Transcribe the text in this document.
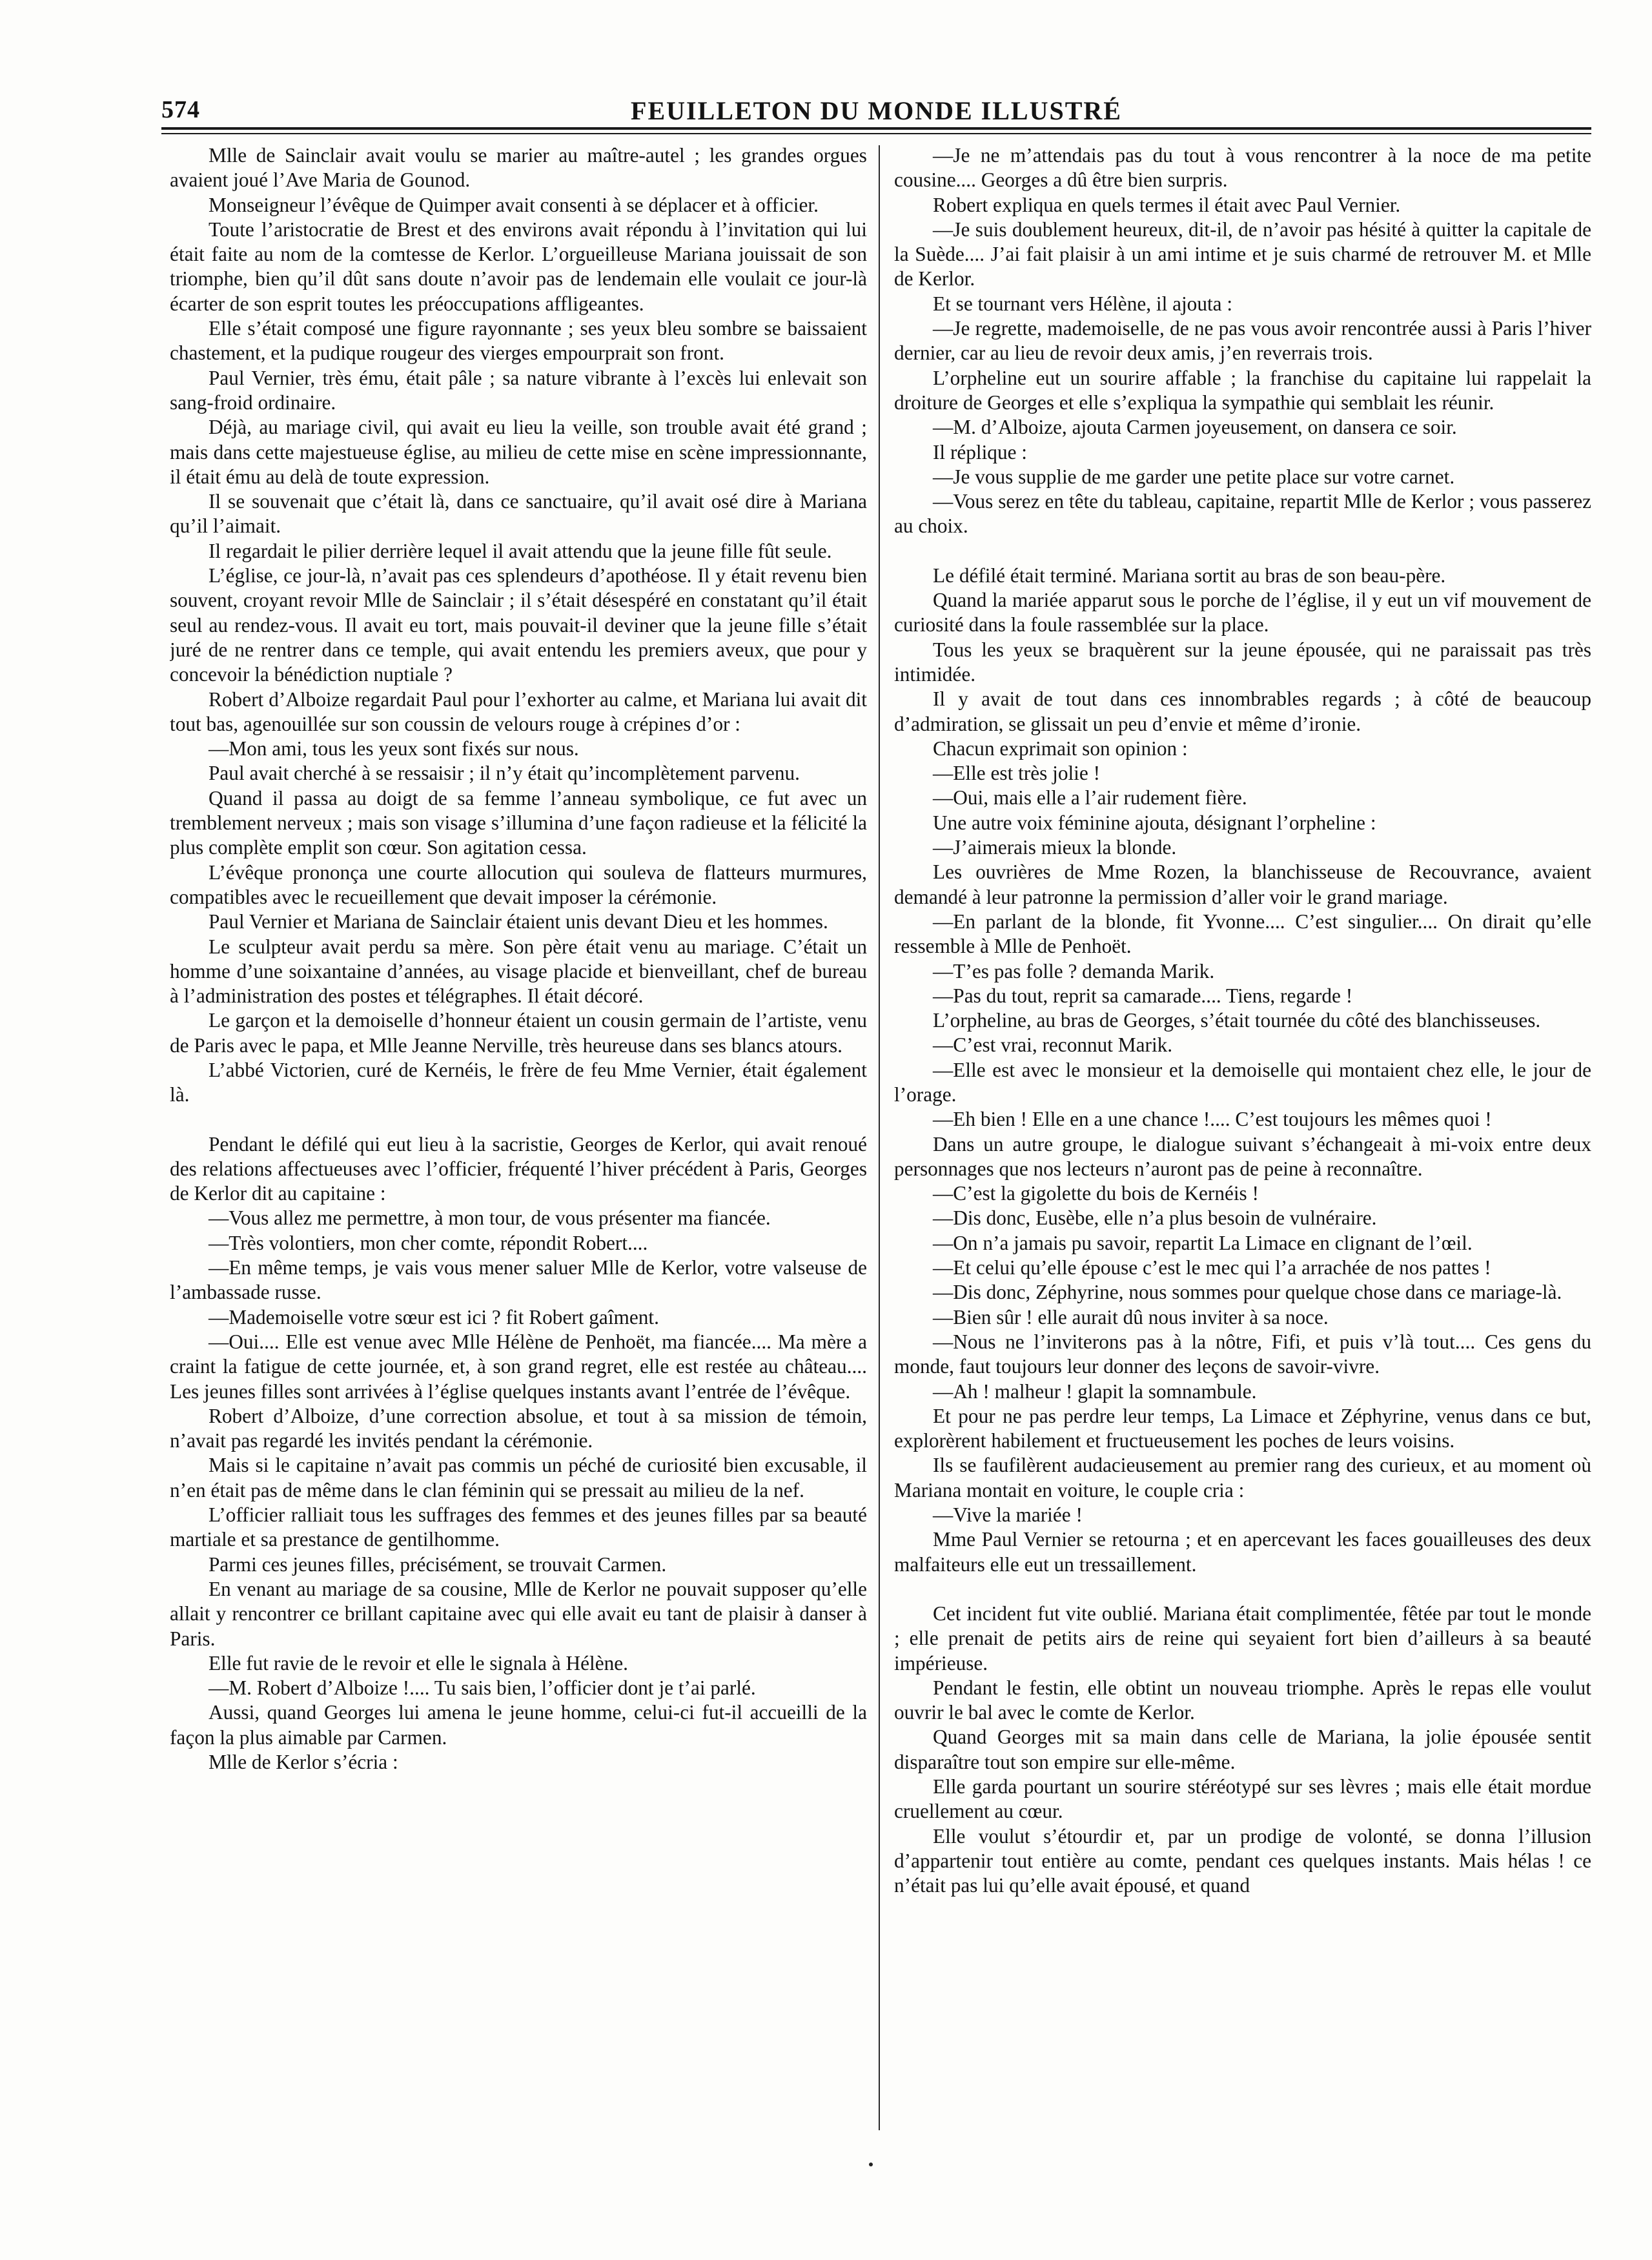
574	FEUILLETON DU MONDE ILLUSTRÉ

Mlle de Sainclair avait voulu se marier au maître-autel ; les grandes orgues avaient joué l’Ave Maria de Gounod.

Monseigneur l’évêque de Quimper avait consenti à se déplacer et à officier.

Toute l’aristocratie de Brest et des environs avait répondu à l’invitation qui lui était faite au nom de la comtesse de Kerlor. L’orgueilleuse Mariana jouissait de son triomphe, bien qu’il dût sans doute n’avoir pas de lendemain elle voulait ce jour-là écarter de son esprit toutes les préoccupations affligeantes.

Elle s’était composé une figure rayonnante ; ses yeux bleu sombre se baissaient chastement, et la pudique rougeur des vierges empourprait son front.

Paul Vernier, très ému, était pâle ; sa nature vibrante à l’excès lui enlevait son sang-froid ordinaire.

Déjà, au mariage civil, qui avait eu lieu la veille, son trouble avait été grand ; mais dans cette majestueuse église, au milieu de cette mise en scène impressionnante, il était ému au delà de toute expression.

Il se souvenait que c’était là, dans ce sanctuaire, qu’il avait osé dire à Mariana qu’il l’aimait.

Il regardait le pilier derrière lequel il avait attendu que la jeune fille fût seule.

L’église, ce jour-là, n’avait pas ces splendeurs d’apothéose. Il y était revenu bien souvent, croyant revoir Mlle de Sainclair ; il s’était désespéré en constatant qu’il était seul au rendez-vous. Il avait eu tort, mais pouvait-il deviner que la jeune fille s’était juré de ne rentrer dans ce temple, qui avait entendu les premiers aveux, que pour y concevoir la bénédiction nuptiale ?

Robert d’Alboize regardait Paul pour l’exhorter au calme, et Mariana lui avait dit tout bas, agenouillée sur son coussin de velours rouge à crépines d’or :

—Mon ami, tous les yeux sont fixés sur nous.

Paul avait cherché à se ressaisir ; il n’y était qu’incomplètement parvenu.

Quand il passa au doigt de sa femme l’anneau symbolique, ce fut avec un tremblement nerveux ; mais son visage s’illumina d’une façon radieuse et la félicité la plus complète emplit son cœur. Son agitation cessa.

L’évêque prononça une courte allocution qui souleva de flatteurs murmures, compatibles avec le recueillement que devait imposer la cérémonie.

Paul Vernier et Mariana de Sainclair étaient unis devant Dieu et les hommes.

Le sculpteur avait perdu sa mère. Son père était venu au mariage. C’était un homme d’une soixantaine d’années, au visage placide et bienveillant, chef de bureau à l’administration des postes et télégraphes. Il était décoré.

Le garçon et la demoiselle d’honneur étaient un cousin germain de l’artiste, venu de Paris avec le papa, et Mlle Jeanne Nerville, très heureuse dans ses blancs atours.

L’abbé Victorien, curé de Kernéis, le frère de feu Mme Vernier, était également là.

Pendant le défilé qui eut lieu à la sacristie, Georges de Kerlor, qui avait renoué des relations affectueuses avec l’officier, fréquenté l’hiver précédent à Paris, Georges de Kerlor dit au capitaine :

—Vous allez me permettre, à mon tour, de vous présenter ma fiancée.

—Très volontiers, mon cher comte, répondit Robert....

—En même temps, je vais vous mener saluer Mlle de Kerlor, votre valseuse de l’ambassade russe.

—Mademoiselle votre sœur est ici ? fit Robert gaîment.

—Oui.... Elle est venue avec Mlle Hélène de Penhoët, ma fiancée.... Ma mère a craint la fatigue de cette journée, et, à son grand regret, elle est restée au château.... Les jeunes filles sont arrivées à l’église quelques instants avant l’entrée de l’évêque.

Robert d’Alboize, d’une correction absolue, et tout à sa mission de témoin, n’avait pas regardé les invités pendant la cérémonie.

Mais si le capitaine n’avait pas commis un péché de curiosité bien excusable, il n’en était pas de même dans le clan féminin qui se pressait au milieu de la nef.

L’officier ralliait tous les suffrages des femmes et des jeunes filles par sa beauté martiale et sa prestance de gentilhomme.

Parmi ces jeunes filles, précisément, se trouvait Carmen.

En venant au mariage de sa cousine, Mlle de Kerlor ne pouvait supposer qu’elle allait y rencontrer ce brillant capitaine avec qui elle avait eu tant de plaisir à danser à Paris.

Elle fut ravie de le revoir et elle le signala à Hélène.

—M. Robert d’Alboize !.... Tu sais bien, l’officier dont je t’ai parlé.

Aussi, quand Georges lui amena le jeune homme, celui-ci fut-il accueilli de la façon la plus aimable par Carmen.

Mlle de Kerlor s’écria :

—Je ne m’attendais pas du tout à vous rencontrer à la noce de ma petite cousine.... Georges a dû être bien surpris.

Robert expliqua en quels termes il était avec Paul Vernier.

—Je suis doublement heureux, dit-il, de n’avoir pas hésité à quitter la capitale de la Suède.... J’ai fait plaisir à un ami intime et je suis charmé de retrouver M. et Mlle de Kerlor.

Et se tournant vers Hélène, il ajouta :

—Je regrette, mademoiselle, de ne pas vous avoir rencontrée aussi à Paris l’hiver dernier, car au lieu de revoir deux amis, j’en reverrais trois.

L’orpheline eut un sourire affable ; la franchise du capitaine lui rappelait la droiture de Georges et elle s’expliqua la sympathie qui semblait les réunir.

—M. d’Alboize, ajouta Carmen joyeusement, on dansera ce soir.

Il réplique :

—Je vous supplie de me garder une petite place sur votre carnet.

—Vous serez en tête du tableau, capitaine, repartit Mlle de Kerlor ; vous passerez au choix.

Le défilé était terminé. Mariana sortit au bras de son beau-père.

Quand la mariée apparut sous le porche de l’église, il y eut un vif mouvement de curiosité dans la foule rassemblée sur la place.

Tous les yeux se braquèrent sur la jeune épousée, qui ne paraissait pas très intimidée.

Il y avait de tout dans ces innombrables regards ; à côté de beaucoup d’admiration, se glissait un peu d’envie et même d’ironie.

Chacun exprimait son opinion :

—Elle est très jolie !

—Oui, mais elle a l’air rudement fière.

Une autre voix féminine ajouta, désignant l’orpheline :

—J’aimerais mieux la blonde.

Les ouvrières de Mme Rozen, la blanchisseuse de Recouvrance, avaient demandé à leur patronne la permission d’aller voir le grand mariage.

—En parlant de la blonde, fit Yvonne.... C’est singulier.... On dirait qu’elle ressemble à Mlle de Penhoët.

—T’es pas folle ? demanda Marik.

—Pas du tout, reprit sa camarade.... Tiens, regarde !

L’orpheline, au bras de Georges, s’était tournée du côté des blanchisseuses.

—C’est vrai, reconnut Marik.

—Elle est avec le monsieur et la demoiselle qui montaient chez elle, le jour de l’orage.

—Eh bien ! Elle en a une chance !.... C’est toujours les mêmes quoi !

Dans un autre groupe, le dialogue suivant s’échangeait à mi-voix entre deux personnages que nos lecteurs n’auront pas de peine à reconnaître.

—C’est la gigolette du bois de Kernéis !

—Dis donc, Eusèbe, elle n’a plus besoin de vulnéraire.

—On n’a jamais pu savoir, repartit La Limace en clignant de l’œil.

—Et celui qu’elle épouse c’est le mec qui l’a arrachée de nos pattes !

—Dis donc, Zéphyrine, nous sommes pour quelque chose dans ce mariage-là.

—Bien sûr ! elle aurait dû nous inviter à sa noce.

—Nous ne l’inviterons pas à la nôtre, Fifi, et puis v’là tout.... Ces gens du monde, faut toujours leur donner des leçons de savoir-vivre.

—Ah ! malheur ! glapit la somnambule.

Et pour ne pas perdre leur temps, La Limace et Zéphyrine, venus dans ce but, explorèrent habilement et fructueusement les poches de leurs voisins.

Ils se faufilèrent audacieusement au premier rang des curieux, et au moment où Mariana montait en voiture, le couple cria :

—Vive la mariée !

Mme Paul Vernier se retourna ; et en apercevant les faces gouailleuses des deux malfaiteurs elle eut un tressaillement.

Cet incident fut vite oublié. Mariana était complimentée, fêtée par tout le monde ; elle prenait de petits airs de reine qui seyaient fort bien d’ailleurs à sa beauté impérieuse.

Pendant le festin, elle obtint un nouveau triomphe. Après le repas elle voulut ouvrir le bal avec le comte de Kerlor.

Quand Georges mit sa main dans celle de Mariana, la jolie épousée sentit disparaître tout son empire sur elle-même.

Elle garda pourtant un sourire stéréotypé sur ses lèvres ; mais elle était mordue cruellement au cœur.

Elle voulut s’étourdir et, par un prodige de volonté, se donna l’illusion d’appartenir tout entière au comte, pendant ces quelques instants. Mais hélas ! ce n’était pas lui qu’elle avait épousé, et quand
